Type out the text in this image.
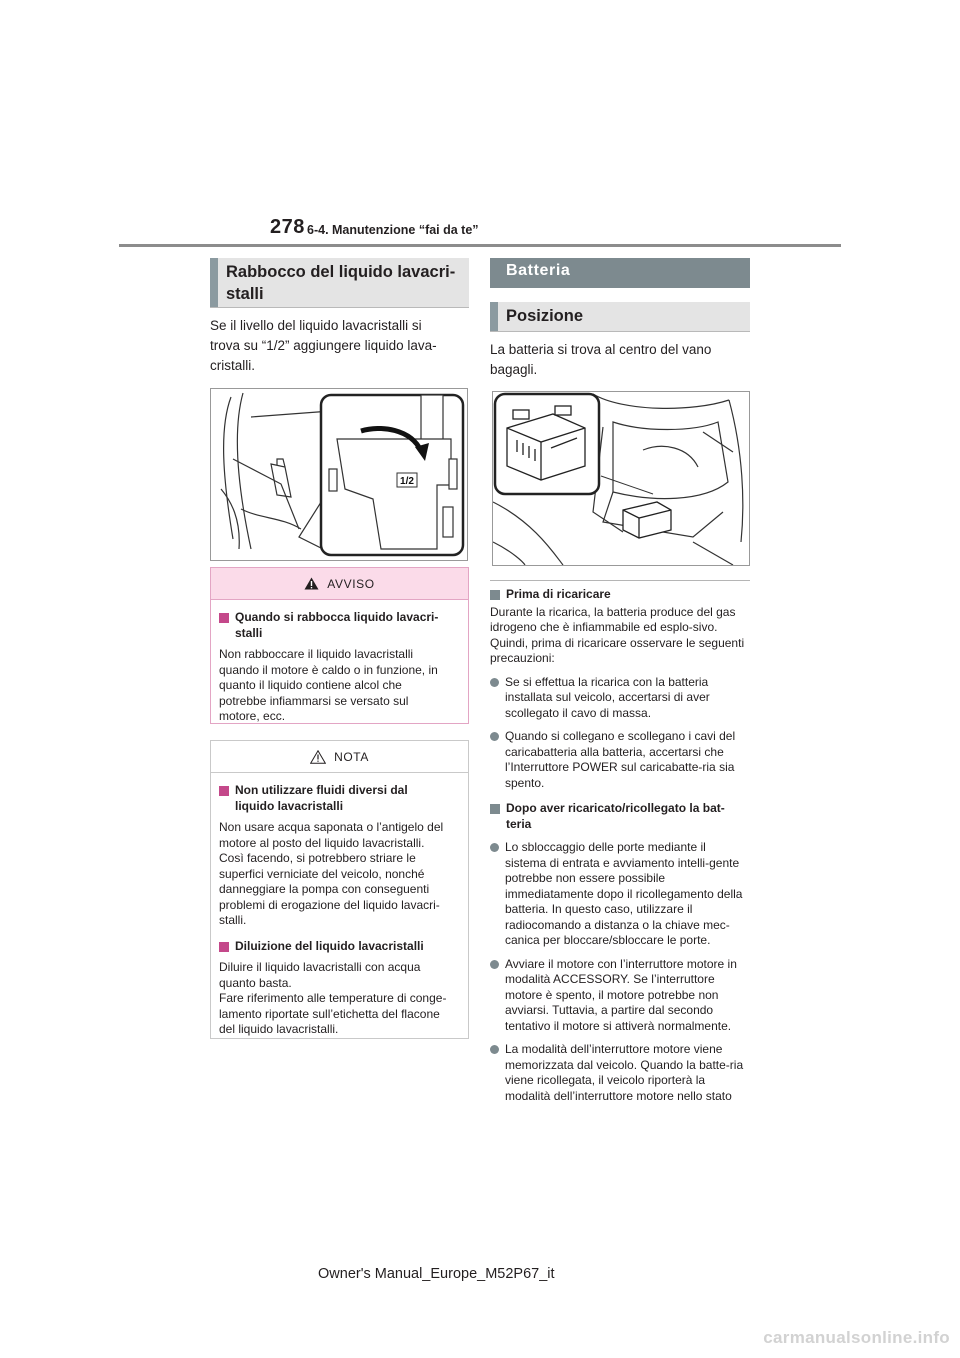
278 6-4. Manutenzione “fai da te”
Rabbocco del liquido lavacri-
stalli
Se il livello del liquido lavacristalli si
trova su “1/2” aggiungere liquido lava-
cristalli.
1/2
AVVISO
Quando si rabbocca liquido lavacri-
stalli
Non rabboccare il liquido lavacristalli
quando il motore è caldo o in funzione, in
quanto il liquido contiene alcol che
potrebbe infiammarsi se versato sul
motore, ecc.
NOTA
Non utilizzare fluidi diversi dal
liquido lavacristalli
Non usare acqua saponata o l’antigelo del
motore al posto del liquido lavacristalli.
Così facendo, si potrebbero striare le
superfici verniciate del veicolo, nonché
danneggiare la pompa con conseguenti
problemi di erogazione del liquido lavacri-
stalli.
Diluizione del liquido lavacristalli
Diluire il liquido lavacristalli con acqua
quanto basta.
Fare riferimento alle temperature di conge-
lamento riportate sull’etichetta del flacone
del liquido lavacristalli.
Batteria
Posizione
La batteria si trova al centro del vano
bagagli.
Prima di ricaricare
Durante la ricarica, la batteria produce del gas idrogeno che è infiammabile ed esplo-sivo. Quindi, prima di ricaricare osservare le seguenti precauzioni:
Se si effettua la ricarica con la batteria installata sul veicolo, accertarsi di aver scollegato il cavo di massa.
Quando si collegano e scollegano i cavi del caricabatteria alla batteria, accertarsi che l’Interruttore POWER sul caricabatte-ria sia spento.
Dopo aver ricaricato/ricollegato la bat-teria
Lo sbloccaggio delle porte mediante il sistema di entrata e avviamento intelli-gente potrebbe non essere possibile immediatamente dopo il ricollegamento della batteria. In questo caso, utilizzare il radiocomando a distanza o la chiave mec-canica per bloccare/sbloccare le porte.
Avviare il motore con l’interruttore motore in modalità ACCESSORY. Se l’interruttore motore è spento, il motore potrebbe non avviarsi. Tuttavia, a partire dal secondo tentativo il motore si attiverà normalmente.
La modalità dell’interruttore motore viene memorizzata dal veicolo. Quando la batte-ria viene ricollegata, il veicolo riporterà la modalità dell’interruttore motore nello stato
Owner's Manual_Europe_M52P67_it
carmanualsonline.info
